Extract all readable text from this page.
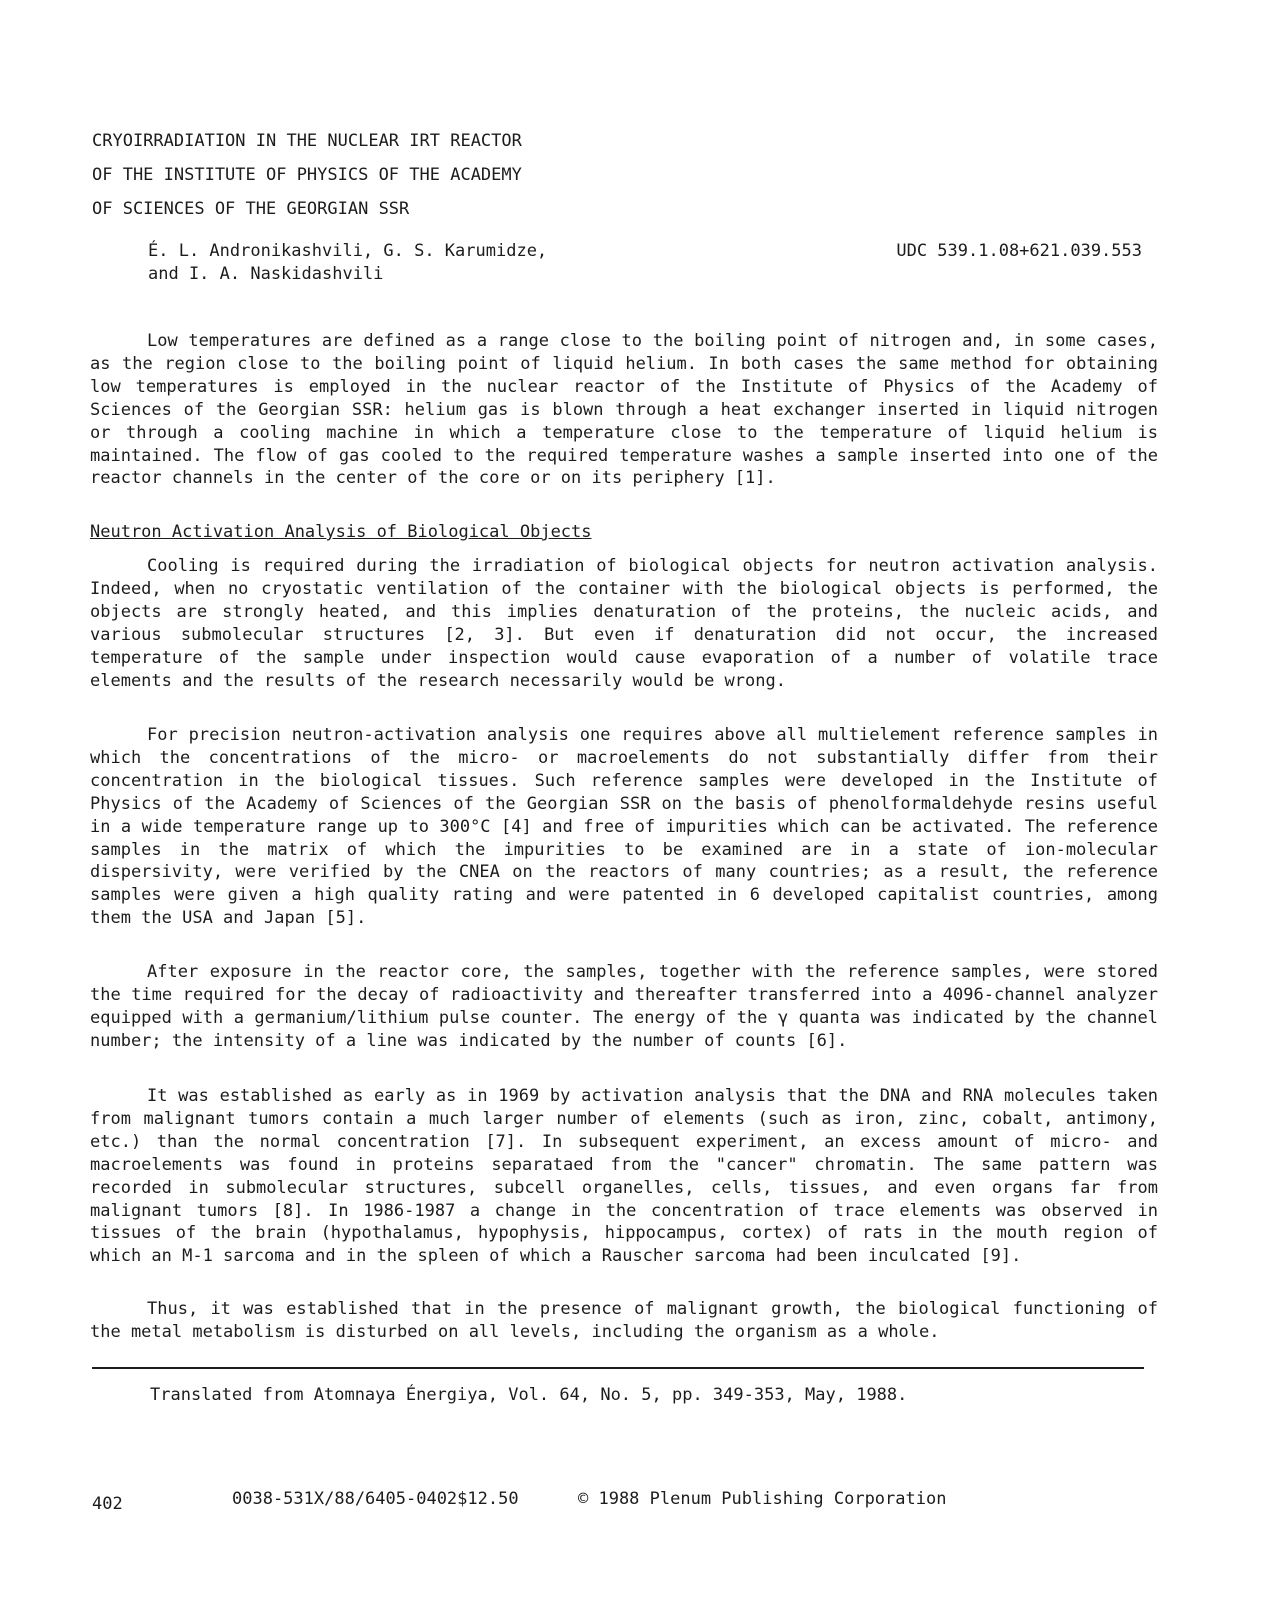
CRYOIRRADIATION IN THE NUCLEAR IRT REACTOR
OF THE INSTITUTE OF PHYSICS OF THE ACADEMY
OF SCIENCES OF THE GEORGIAN SSR
É. L. Andronikashvili, G. S. Karumidze,
and I. A. Naskidashvili
UDC 539.1.08+621.039.553

Low temperatures are defined as a range close to the boiling point of nitrogen and, in some cases, as the region close to the boiling point of liquid helium. In both cases the same method for obtaining low temperatures is employed in the nuclear reactor of the Institute of Physics of the Academy of Sciences of the Georgian SSR: helium gas is blown through a heat exchanger inserted in liquid nitrogen or through a cooling machine in which a temperature close to the temperature of liquid helium is maintained. The flow of gas cooled to the required temperature washes a sample inserted into one of the reactor channels in the center of the core or on its periphery [1].

Neutron Activation Analysis of Biological Objects

Cooling is required during the irradiation of biological objects for neutron activation analysis. Indeed, when no cryostatic ventilation of the container with the biological objects is performed, the objects are strongly heated, and this implies denaturation of the proteins, the nucleic acids, and various submolecular structures [2, 3]. But even if denaturation did not occur, the increased temperature of the sample under inspection would cause evaporation of a number of volatile trace elements and the results of the research necessarily would be wrong.

For precision neutron-activation analysis one requires above all multielement reference samples in which the concentrations of the micro- or macroelements do not substantially differ from their concentration in the biological tissues. Such reference samples were developed in the Institute of Physics of the Academy of Sciences of the Georgian SSR on the basis of phenolformaldehyde resins useful in a wide temperature range up to 300°C [4] and free of impurities which can be activated. The reference samples in the matrix of which the impurities to be examined are in a state of ion-molecular dispersivity, were verified by the CNEA on the reactors of many countries; as a result, the reference samples were given a high quality rating and were patented in 6 developed capitalist countries, among them the USA and Japan [5].

After exposure in the reactor core, the samples, together with the reference samples, were stored the time required for the decay of radioactivity and thereafter transferred into a 4096-channel analyzer equipped with a germanium/lithium pulse counter. The energy of the γ quanta was indicated by the channel number; the intensity of a line was indicated by the number of counts [6].

It was established as early as in 1969 by activation analysis that the DNA and RNA molecules taken from malignant tumors contain a much larger number of elements (such as iron, zinc, cobalt, antimony, etc.) than the normal concentration [7]. In subsequent experiment, an excess amount of micro- and macroelements was found in proteins separataed from the "cancer" chromatin. The same pattern was recorded in submolecular structures, subcell organelles, cells, tissues, and even organs far from malignant tumors [8]. In 1986-1987 a change in the concentration of trace elements was observed in tissues of the brain (hypothalamus, hypophysis, hippocampus, cortex) of rats in the mouth region of which an M-1 sarcoma and in the spleen of which a Rauscher sarcoma had been inculcated [9].

Thus, it was established that in the presence of malignant growth, the biological functioning of the metal metabolism is disturbed on all levels, including the organism as a whole.

Translated from Atomnaya Énergiya, Vol. 64, No. 5, pp. 349-353, May, 1988.
402	0038-531X/88/6405-0402$12.50	© 1988 Plenum Publishing Corporation
